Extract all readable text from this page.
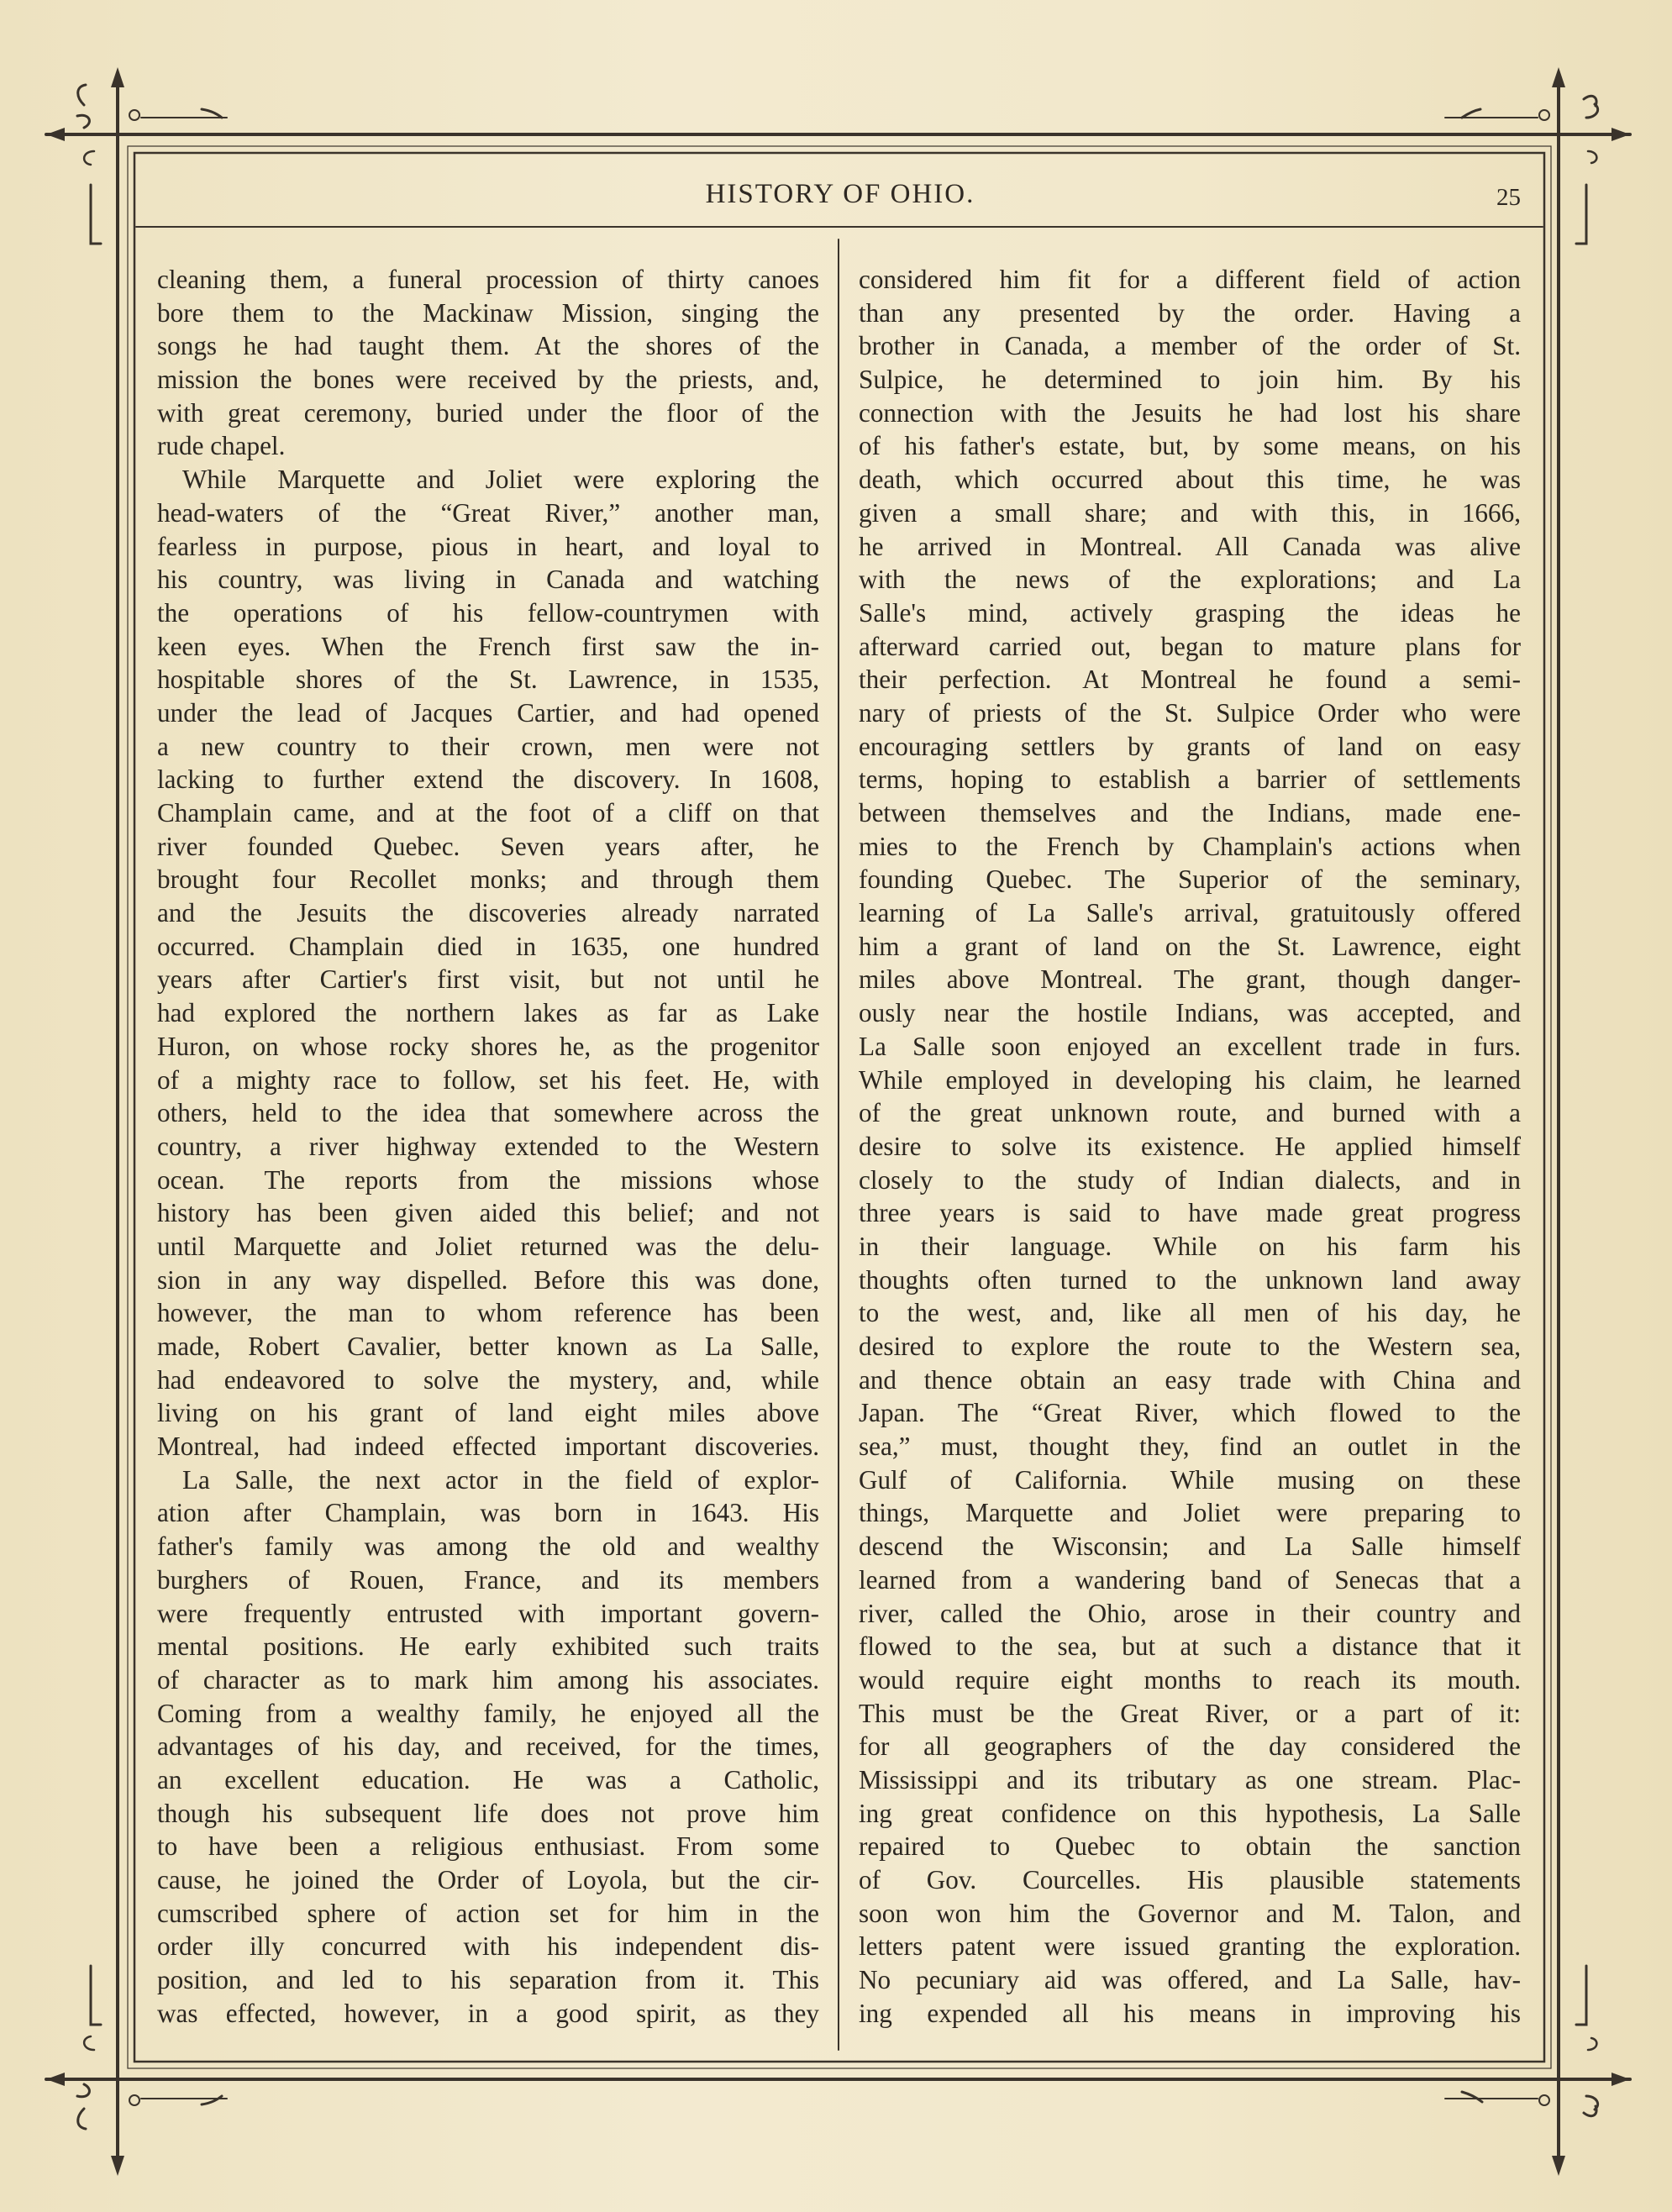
HISTORY OF OHIO.	25
cleaning them, a funeral procession of thirty canoes
bore them to the Mackinaw Mission, singing the
songs he had taught them. At the shores of the
mission the bones were received by the priests, and,
with great ceremony, buried under the floor of the
rude chapel.
While Marquette and Joliet were exploring the
head-waters of the “Great River,” another man,
fearless in purpose, pious in heart, and loyal to
his country, was living in Canada and watching
the operations of his fellow-countrymen with
keen eyes. When the French first saw the in-
hospitable shores of the St. Lawrence, in 1535,
under the lead of Jacques Cartier, and had opened
a new country to their crown, men were not
lacking to further extend the discovery. In 1608,
Champlain came, and at the foot of a cliff on that
river founded Quebec. Seven years after, he
brought four Recollet monks; and through them
and the Jesuits the discoveries already narrated
occurred. Champlain died in 1635, one hundred
years after Cartier's first visit, but not until he
had explored the northern lakes as far as Lake
Huron, on whose rocky shores he, as the progenitor
of a mighty race to follow, set his feet. He, with
others, held to the idea that somewhere across the
country, a river highway extended to the Western
ocean. The reports from the missions whose
history has been given aided this belief; and not
until Marquette and Joliet returned was the delu-
sion in any way dispelled. Before this was done,
however, the man to whom reference has been
made, Robert Cavalier, better known as La Salle,
had endeavored to solve the mystery, and, while
living on his grant of land eight miles above
Montreal, had indeed effected important discoveries.
La Salle, the next actor in the field of explor-
ation after Champlain, was born in 1643. His
father's family was among the old and wealthy
burghers of Rouen, France, and its members
were frequently entrusted with important govern-
mental positions. He early exhibited such traits
of character as to mark him among his associates.
Coming from a wealthy family, he enjoyed all the
advantages of his day, and received, for the times,
an excellent education. He was a Catholic,
though his subsequent life does not prove him
to have been a religious enthusiast. From some
cause, he joined the Order of Loyola, but the cir-
cumscribed sphere of action set for him in the
order illy concurred with his independent dis-
position, and led to his separation from it. This
was effected, however, in a good spirit, as they
considered him fit for a different field of action
than any presented by the order. Having a
brother in Canada, a member of the order of St.
Sulpice, he determined to join him. By his
connection with the Jesuits he had lost his share
of his father's estate, but, by some means, on his
death, which occurred about this time, he was
given a small share; and with this, in 1666,
he arrived in Montreal. All Canada was alive
with the news of the explorations; and La
Salle's mind, actively grasping the ideas he
afterward carried out, began to mature plans for
their perfection. At Montreal he found a semi-
nary of priests of the St. Sulpice Order who were
encouraging settlers by grants of land on easy
terms, hoping to establish a barrier of settlements
between themselves and the Indians, made ene-
mies to the French by Champlain's actions when
founding Quebec. The Superior of the seminary,
learning of La Salle's arrival, gratuitously offered
him a grant of land on the St. Lawrence, eight
miles above Montreal. The grant, though danger-
ously near the hostile Indians, was accepted, and
La Salle soon enjoyed an excellent trade in furs.
While employed in developing his claim, he learned
of the great unknown route, and burned with a
desire to solve its existence. He applied himself
closely to the study of Indian dialects, and in
three years is said to have made great progress
in their language. While on his farm his
thoughts often turned to the unknown land away
to the west, and, like all men of his day, he
desired to explore the route to the Western sea,
and thence obtain an easy trade with China and
Japan. The “Great River, which flowed to the
sea,” must, thought they, find an outlet in the
Gulf of California. While musing on these
things, Marquette and Joliet were preparing to
descend the Wisconsin; and La Salle himself
learned from a wandering band of Senecas that a
river, called the Ohio, arose in their country and
flowed to the sea, but at such a distance that it
would require eight months to reach its mouth.
This must be the Great River, or a part of it:
for all geographers of the day considered the
Mississippi and its tributary as one stream. Plac-
ing great confidence on this hypothesis, La Salle
repaired to Quebec to obtain the sanction
of Gov. Courcelles. His plausible statements
soon won him the Governor and M. Talon, and
letters patent were issued granting the exploration.
No pecuniary aid was offered, and La Salle, hav-
ing expended all his means in improving his
